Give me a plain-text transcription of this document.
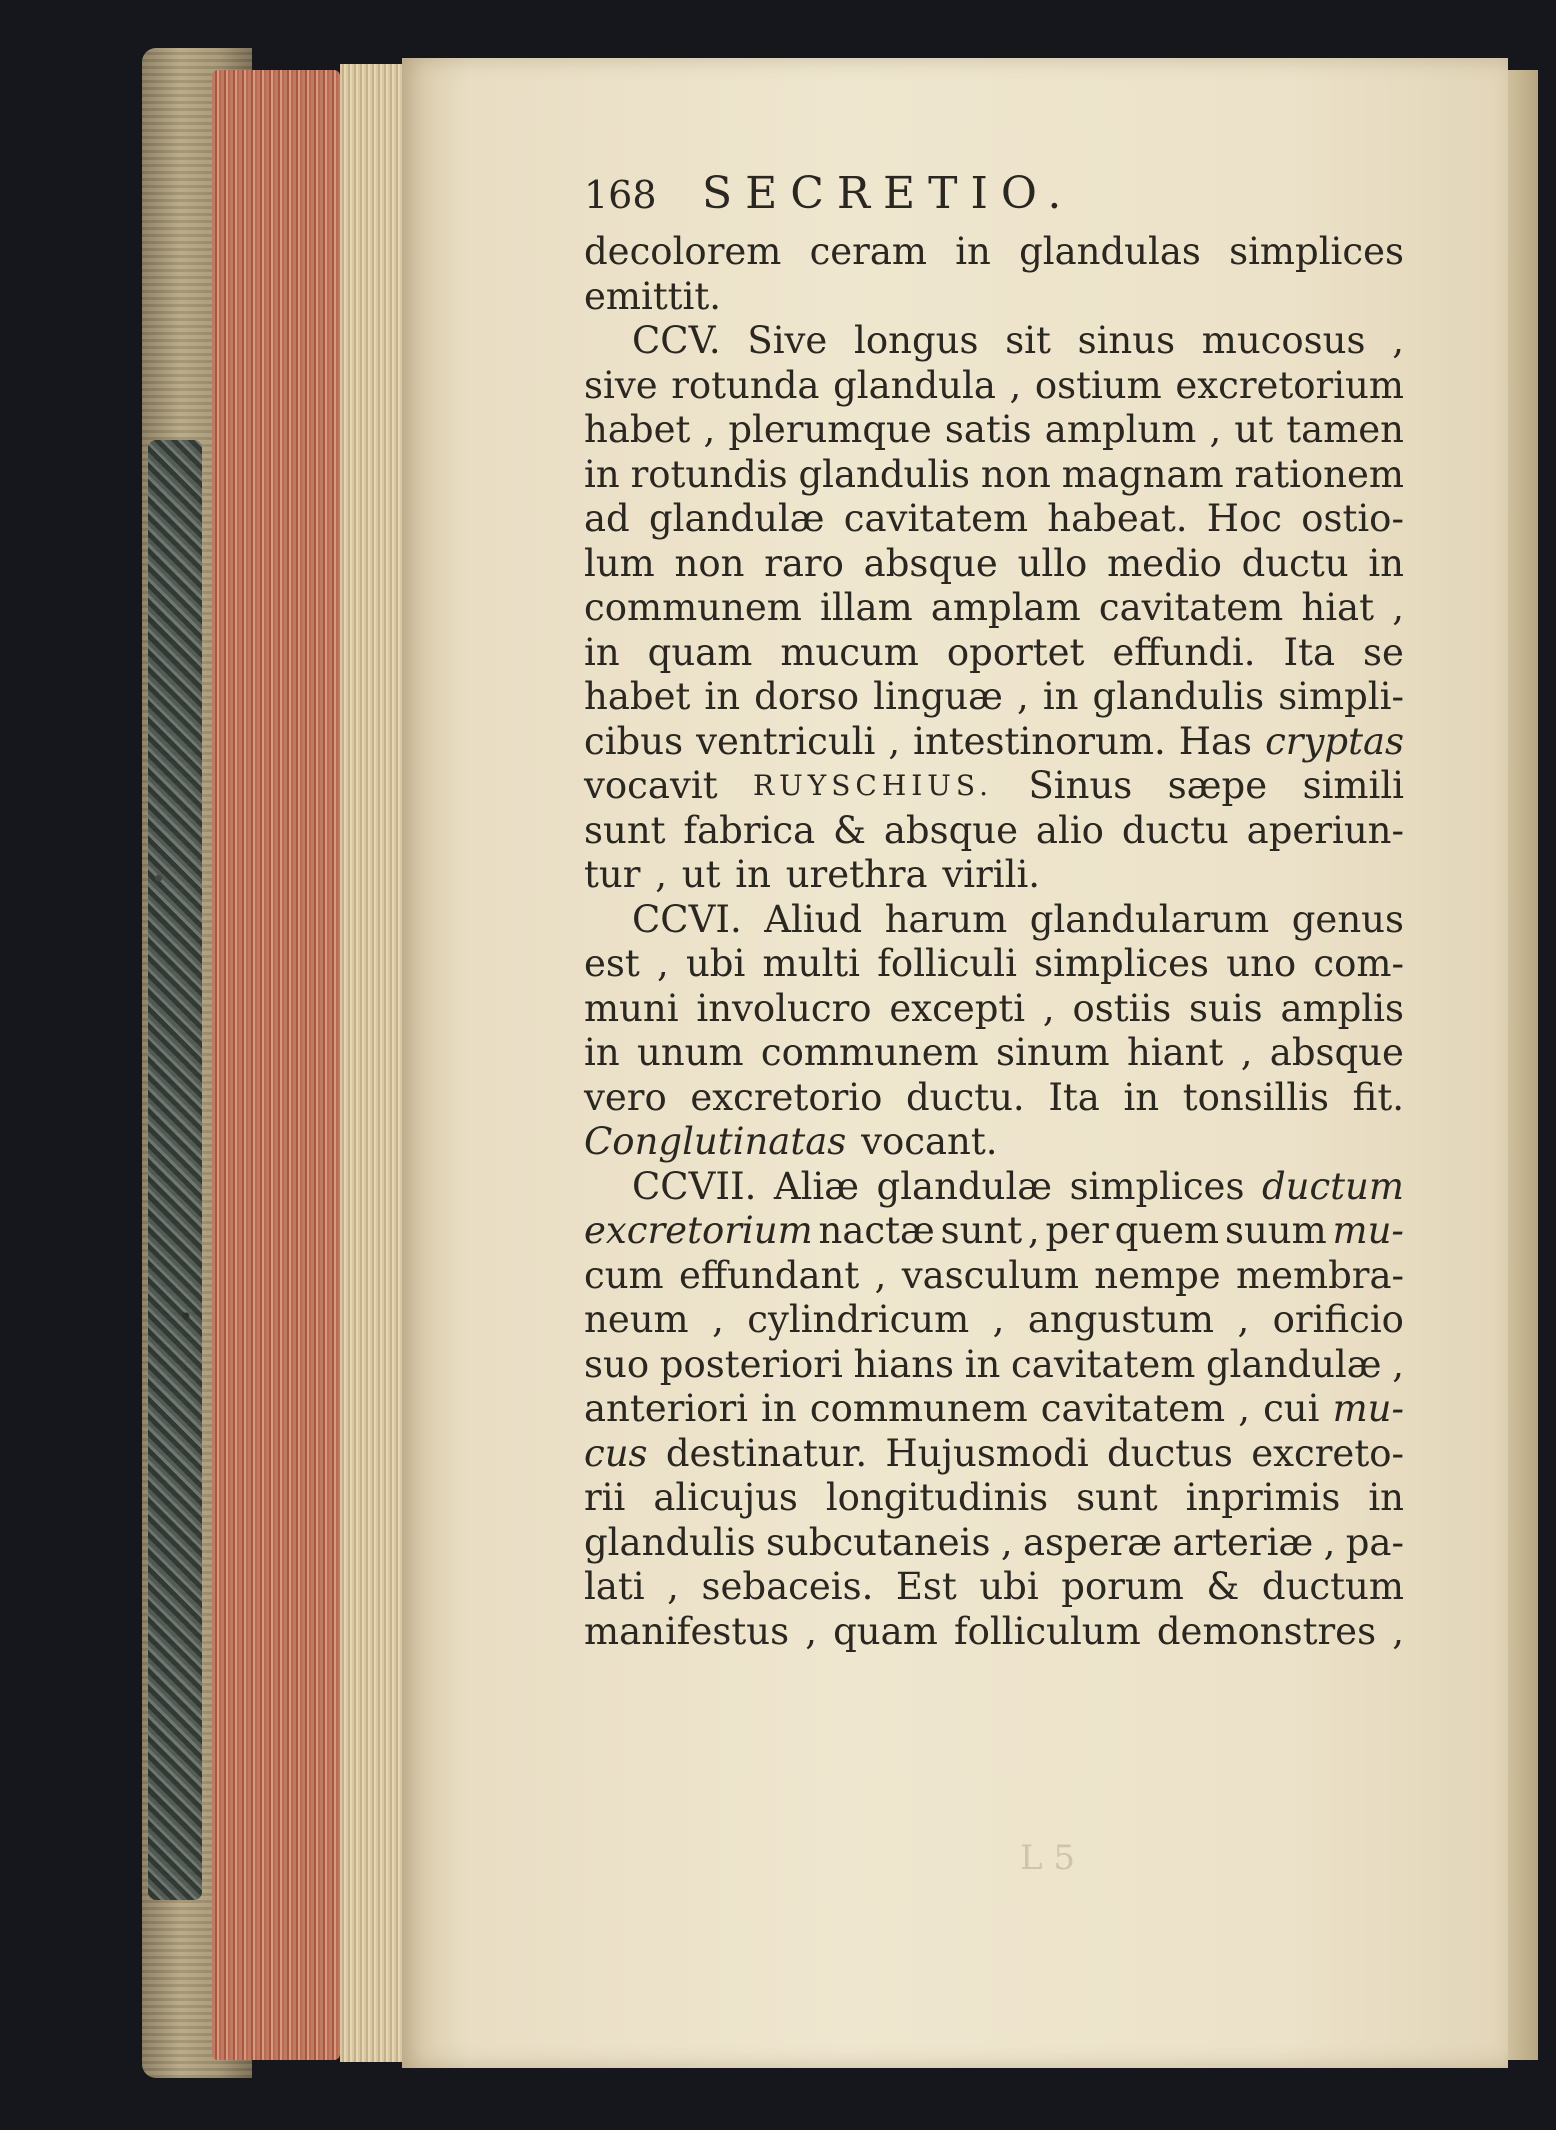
168	SECRETIO.
decolorem ceram in glandulas simplices
emittit.
CCV. Sive longus sit sinus mucosus ,
sive rotunda glandula , ostium excretorium
habet , plerumque satis amplum , ut tamen
in rotundis glandulis non magnam rationem
ad glandulæ cavitatem habeat. Hoc ostio-
lum non raro absque ullo medio ductu in
communem illam amplam cavitatem hiat ,
in quam mucum oportet effundi. Ita se
habet in dorso linguæ , in glandulis simpli-
cibus ventriculi , intestinorum. Has cryptas
vocavit RUYSCHIUS. Sinus sæpe simili
sunt fabrica & absque alio ductu aperiun-
tur , ut in urethra virili.
CCVI. Aliud harum glandularum genus
est , ubi multi folliculi simplices uno com-
muni involucro excepti , ostiis suis amplis
in unum communem sinum hiant , absque
vero excretorio ductu. Ita in tonsillis fit.
Conglutinatas vocant.
CCVII. Aliæ glandulæ simplices ductum
excretorium nactæ sunt , per quem suum mu-
cum effundant , vasculum nempe membra-
neum , cylindricum , angustum , orificio
suo posteriori hians in cavitatem glandulæ ,
anteriori in communem cavitatem , cui mu-
cus destinatur. Hujusmodi ductus excreto-
rii alicujus longitudinis sunt inprimis in
glandulis subcutaneis , asperæ arteriæ , pa-
lati , sebaceis. Est ubi porum & ductum
manifestus , quam folliculum demonstres ,
L 5
